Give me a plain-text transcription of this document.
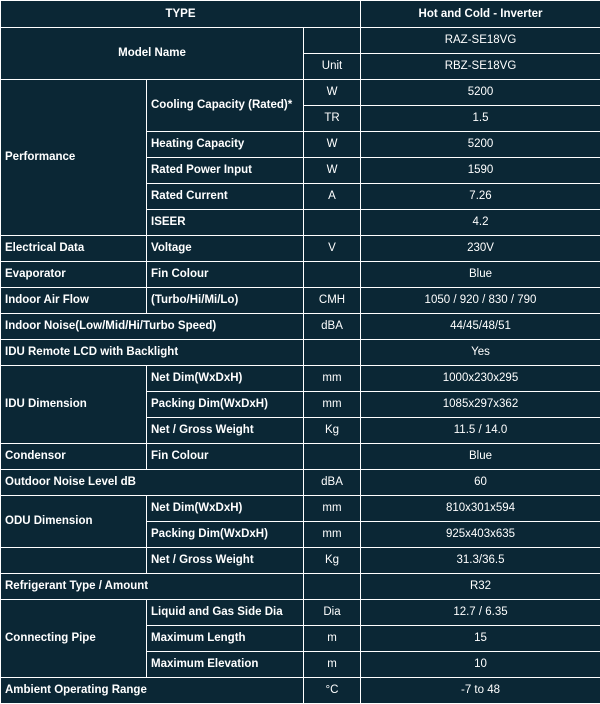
TYPE			Hot and Cold - Inverter
Model Name			RAZ-SE18VG
		Unit	RBZ-SE18VG
Performance	Cooling Capacity (Rated)*	W	5200
		TR	1.5
	Heating Capacity	W	5200
	Rated Power Input	W	1590
	Rated Current	A	7.26
	ISEER		4.2

Electrical Data	Voltage	V	230V
Evaporator	Fin Colour		Blue
Indoor Air Flow	(Turbo/Hi/Mi/Lo)	CMH	1050 / 920 / 830 / 790
Indoor Noise(Low/Mid/Hi/Turbo Speed)		dBA	44/45/48/51
IDU Remote LCD with Backlight			Yes
IDU Dimension	Net Dim(WxDxH)	mm	1000x230x295
	Packing Dim(WxDxH)	mm	1085x297x362
	Net / Gross Weight	Kg	11.5 / 14.0
Condensor	Fin Colour		Blue
Outdoor Noise Level dB		dBA	60
ODU Dimension	Net Dim(WxDxH)	mm	810x301x594
	Packing Dim(WxDxH)	mm	925x403x635
	Net / Gross Weight	Kg	31.3/36.5
Refrigerant Type / Amount			R32
Connecting Pipe	Liquid and Gas Side Dia	Dia	12.7 / 6.35
	Maximum Length	m	15
	Maximum Elevation	m	10
Ambient Operating Range		°C	-7 to 48
